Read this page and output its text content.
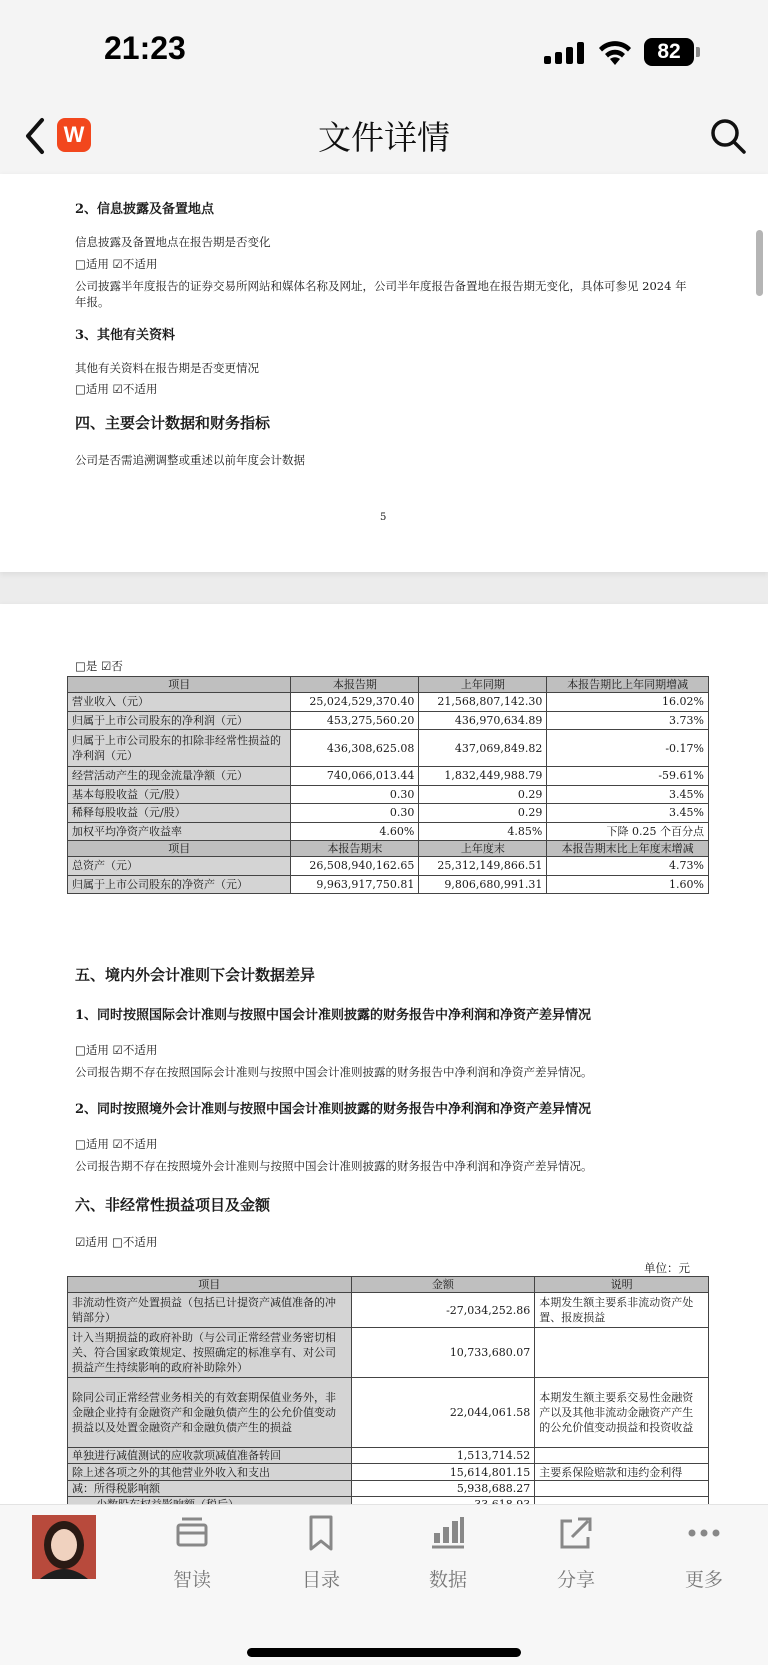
21:23	82
W	文件详情
2、信息披露及备置地点
信息披露及备置地点在报告期是否变化
□适用 ☑不适用
公司披露半年度报告的证券交易所网站和媒体名称及网址，公司半年度报告备置地在报告期无变化，具体可参见 2024 年
年报。
3、其他有关资料
其他有关资料在报告期是否变更情况
□适用 ☑不适用
四、主要会计数据和财务指标
公司是否需追溯调整或重述以前年度会计数据
5
□是 ☑否
项目	本报告期	上年同期	本报告期比上年同期增减
营业收入（元）	25,024,529,370.40	21,568,807,142.30	16.02%
归属于上市公司股东的净利润（元）	453,275,560.20	436,970,634.89	3.73%
归属于上市公司股东的扣除非经常性损益的净利润（元）	436,308,625.08	437,069,849.82	-0.17%
经营活动产生的现金流量净额（元）	740,066,013.44	1,832,449,988.79	-59.61%
基本每股收益（元/股）	0.30	0.29	3.45%
稀释每股收益（元/股）	0.30	0.29	3.45%
加权平均净资产收益率	4.60%	4.85%	下降 0.25 个百分点
项目	本报告期末	上年度末	本报告期末比上年度末增减
总资产（元）	26,508,940,162.65	25,312,149,866.51	4.73%
归属于上市公司股东的净资产（元）	9,963,917,750.81	9,806,680,991.31	1.60%
五、境内外会计准则下会计数据差异
1、同时按照国际会计准则与按照中国会计准则披露的财务报告中净利润和净资产差异情况
□适用 ☑不适用
公司报告期不存在按照国际会计准则与按照中国会计准则披露的财务报告中净利润和净资产差异情况。
2、同时按照境外会计准则与按照中国会计准则披露的财务报告中净利润和净资产差异情况
□适用 ☑不适用
公司报告期不存在按照境外会计准则与按照中国会计准则披露的财务报告中净利润和净资产差异情况。
六、非经常性损益项目及金额
☑适用 □不适用
单位：元
项目	金额	说明
非流动性资产处置损益（包括已计提资产减值准备的冲销部分）	-27,034,252.86	本期发生额主要系非流动资产处置、报废损益
计入当期损益的政府补助（与公司正常经营业务密切相关、符合国家政策规定、按照确定的标准享有、对公司损益产生持续影响的政府补助除外）	10,733,680.07	
除同公司正常经营业务相关的有效套期保值业务外，非金融企业持有金融资产和金融负债产生的公允价值变动损益以及处置金融资产和金融负债产生的损益	22,044,061.58	本期发生额主要系交易性金融资产以及其他非流动金融资产产生的公允价值变动损益和投资收益
单独进行减值测试的应收款项减值准备转回	1,513,714.52	
除上述各项之外的其他营业外收入和支出	15,614,801.15	主要系保险赔款和违约金利得
减：所得税影响额	5,938,688.27	

智读	目录	数据	分享	更多
